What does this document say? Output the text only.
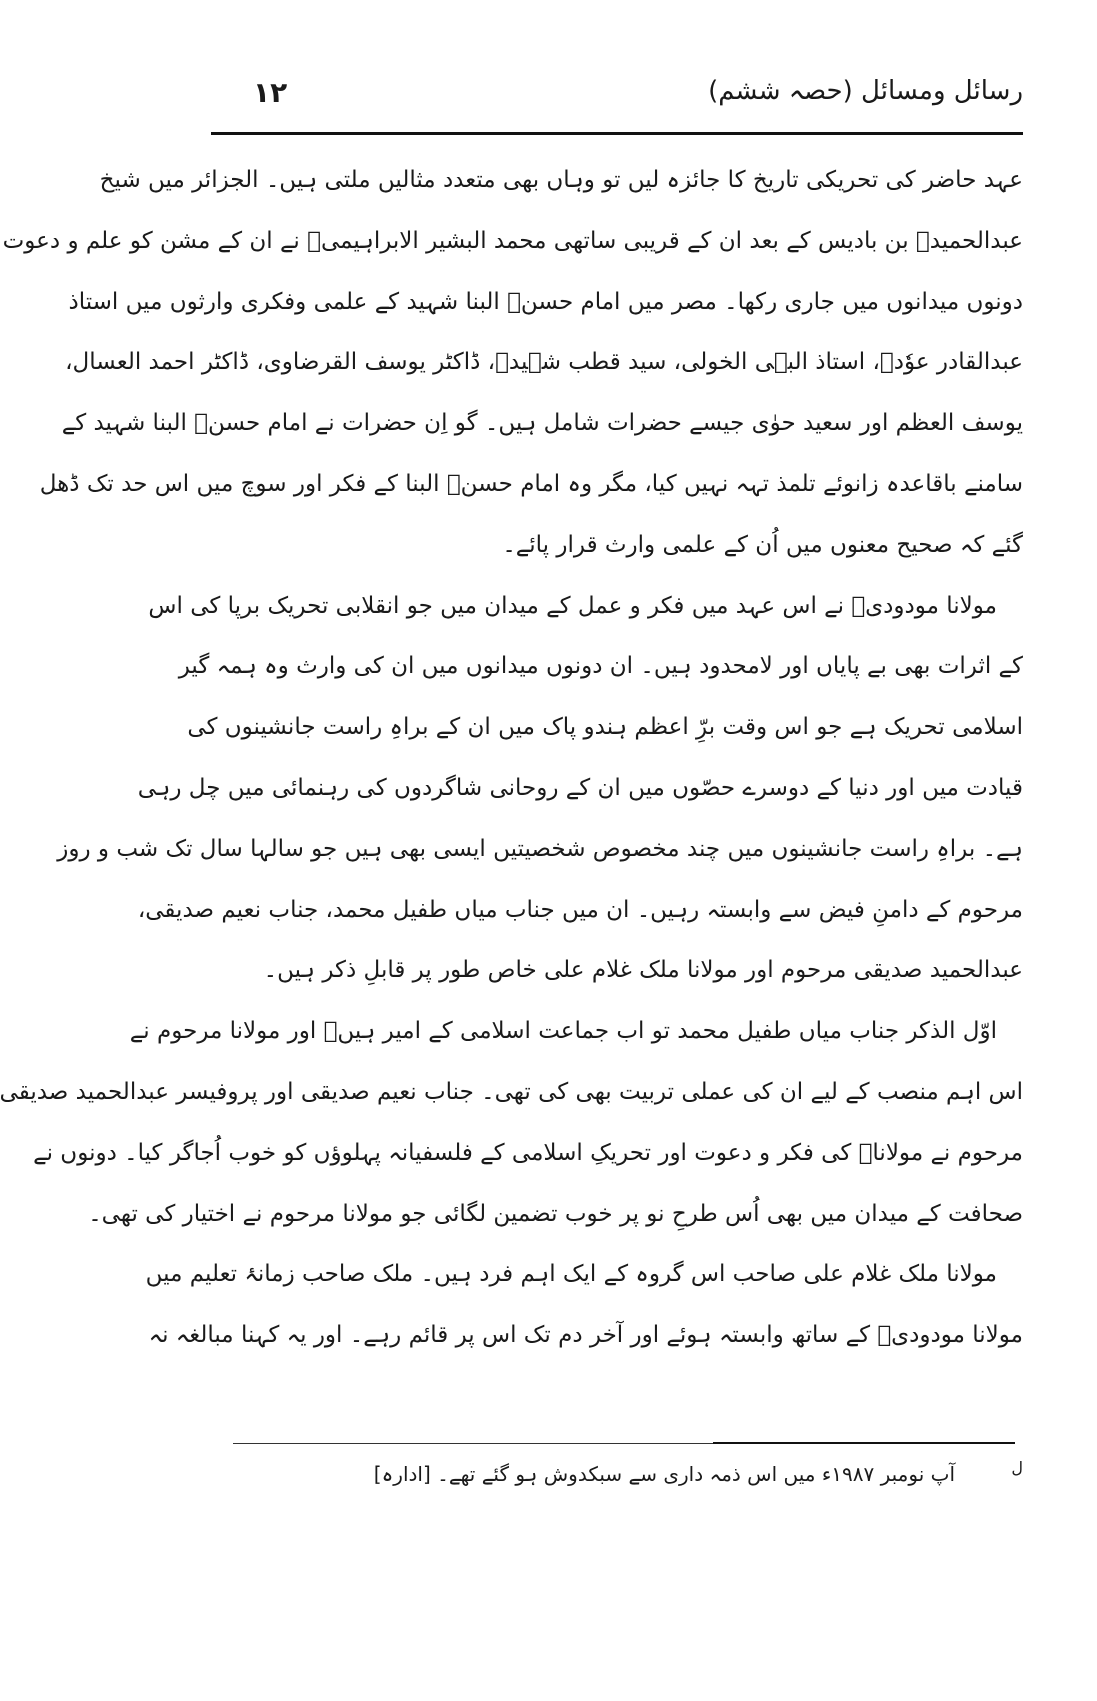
رسائل ومسائل (حصہ ششم)
١٢
عہد حاضر کی تحریکی تاریخ کا جائزہ لیں تو وہاں بھی متعدد مثالیں ملتی ہیں۔ الجزائر میں شیخ
عبدالحمیدؒ بن بادیس کے بعد ان کے قریبی ساتھی محمد البشیر الابراہیمیؒ نے ان کے مشن کو علم و دعوت
دونوں میدانوں میں جاری رکھا۔ مصر میں امام حسنؒ البنا شہید کے علمی وفکری وارثوں میں استاذ
عبدالقادر عوٗدہ، استاذ البہی الخولی، سید قطب شہیدؒ، ڈاکٹر یوسف القرضاوی، ڈاکٹر احمد العسال،
یوسف العظم اور سعید حوٰی جیسے حضرات شامل ہیں۔ گو اِن حضرات نے امام حسنؒ البنا شہید کے
سامنے باقاعدہ زانوئے تلمذ تہہ نہیں کیا، مگر وہ امام حسنؒ البنا کے فکر اور سوچ میں اس حد تک ڈھل
گئے کہ صحیح معنوں میں اُن کے علمی وارث قرار پائے۔
مولانا مودودیؒ نے اس عہد میں فکر و عمل کے میدان میں جو انقلابی تحریک برپا کی اس
کے اثرات بھی بے پایاں اور لامحدود ہیں۔ ان دونوں میدانوں میں ان کی وارث وہ ہمہ گیر
اسلامی تحریک ہے جو اس وقت برِّ اعظم ہندو پاک میں ان کے براہِ راست جانشینوں کی
قیادت میں اور دنیا کے دوسرے حصّوں میں ان کے روحانی شاگردوں کی رہنمائی میں چل رہی
ہے۔ براہِ راست جانشینوں میں چند مخصوص شخصیتیں ایسی بھی ہیں جو سالہا سال تک شب و روز
مرحوم کے دامنِ فیض سے وابستہ رہیں۔ ان میں جناب میاں طفیل محمد، جناب نعیم صدیقی،
عبدالحمید صدیقی مرحوم اور مولانا ملک غلام علی خاص طور پر قابلِ ذکر ہیں۔
اوّل الذکر جناب میاں طفیل محمد تو اب جماعت اسلامی کے امیر ہیںؔ اور مولانا مرحوم نے
اس اہم منصب کے لیے ان کی عملی تربیت بھی کی تھی۔ جناب نعیم صدیقی اور پروفیسر عبدالحمید صدیقی
مرحوم نے مولاناؒ کی فکر و دعوت اور تحریکِ اسلامی کے فلسفیانہ پہلوؤں کو خوب اُجاگر کیا۔ دونوں نے
صحافت کے میدان میں بھی اُس طرحِ نو پر خوب تضمین لگائی جو مولانا مرحوم نے اختیار کی تھی۔
مولانا ملک غلام علی صاحب اس گروہ کے ایک اہم فرد ہیں۔ ملک صاحب زمانۂ تعلیم میں
مولانا مودودیؒ کے ساتھ وابستہ ہوئے اور آخر دم تک اس پر قائم رہے۔ اور یہ کہنا مبالغہ نہ
ل
آپ نومبر ١٩٨٧ء میں اس ذمہ داری سے سبکدوش ہو گئے تھے۔ [ادارہ]
